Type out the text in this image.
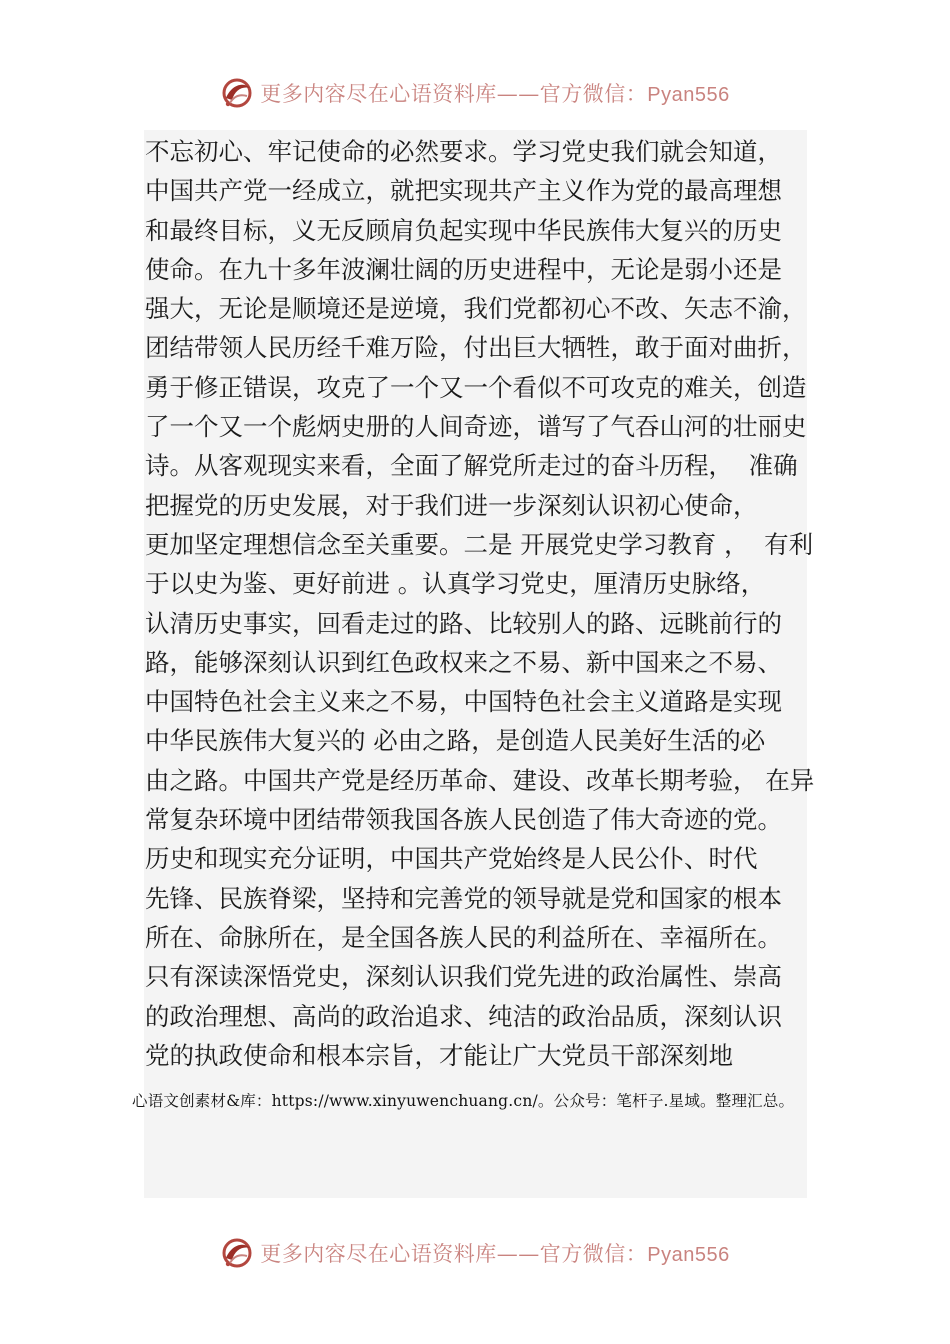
更多内容尽在心语资料库——官方微信：Pyan556
不忘初心、牢记使命的必然要求。学习党史我们就会知道，
中国共产党一经成立，就把实现共产主义作为党的最高理想
和最终目标，义无反顾肩负起实现中华民族伟大复兴的历史
使命。在九十多年波澜壮阔的历史进程中，无论是弱小还是
强大，无论是顺境还是逆境，我们党都初心不改、矢志不渝，
团结带领人民历经千难万险，付出巨大牺牲，敢于面对曲折，
勇于修正错误，攻克了一个又一个看似不可攻克的难关，创造
了一个又一个彪炳史册的人间奇迹，谱写了气吞山河的壮丽史
诗。从客观现实来看，全面了解党所走过的奋斗历程，  准确
把握党的历史发展，对于我们进一步深刻认识初心使命，
更加坚定理想信念至关重要。二是 开展党史学习教育 ，  有利
于以史为鉴、更好前进 。认真学习党史，厘清历史脉络，
认清历史事实，回看走过的路、比较别人的路、远眺前行的
路，能够深刻认识到红色政权来之不易、新中国来之不易、
中国特色社会主义来之不易，中国特色社会主义道路是实现
中华民族伟大复兴的 必由之路，是创造人民美好生活的必
由之路。中国共产党是经历革命、建设、改革长期考验， 在异
常复杂环境中团结带领我国各族人民创造了伟大奇迹的党。
历史和现实充分证明，中国共产党始终是人民公仆、时代
先锋、民族脊梁，坚持和完善党的领导就是党和国家的根本
所在、命脉所在，是全国各族人民的利益所在、幸福所在。
只有深读深悟党史，深刻认识我们党先进的政治属性、崇高
的政治理想、高尚的政治追求、纯洁的政治品质，深刻认识
党的执政使命和根本宗旨，才能让广大党员干部深刻地
心语文创素材&库：https://www.xinyuwenchuang.cn/。公众号：笔杆子.星域。整理汇总。
更多内容尽在心语资料库——官方微信：Pyan556
